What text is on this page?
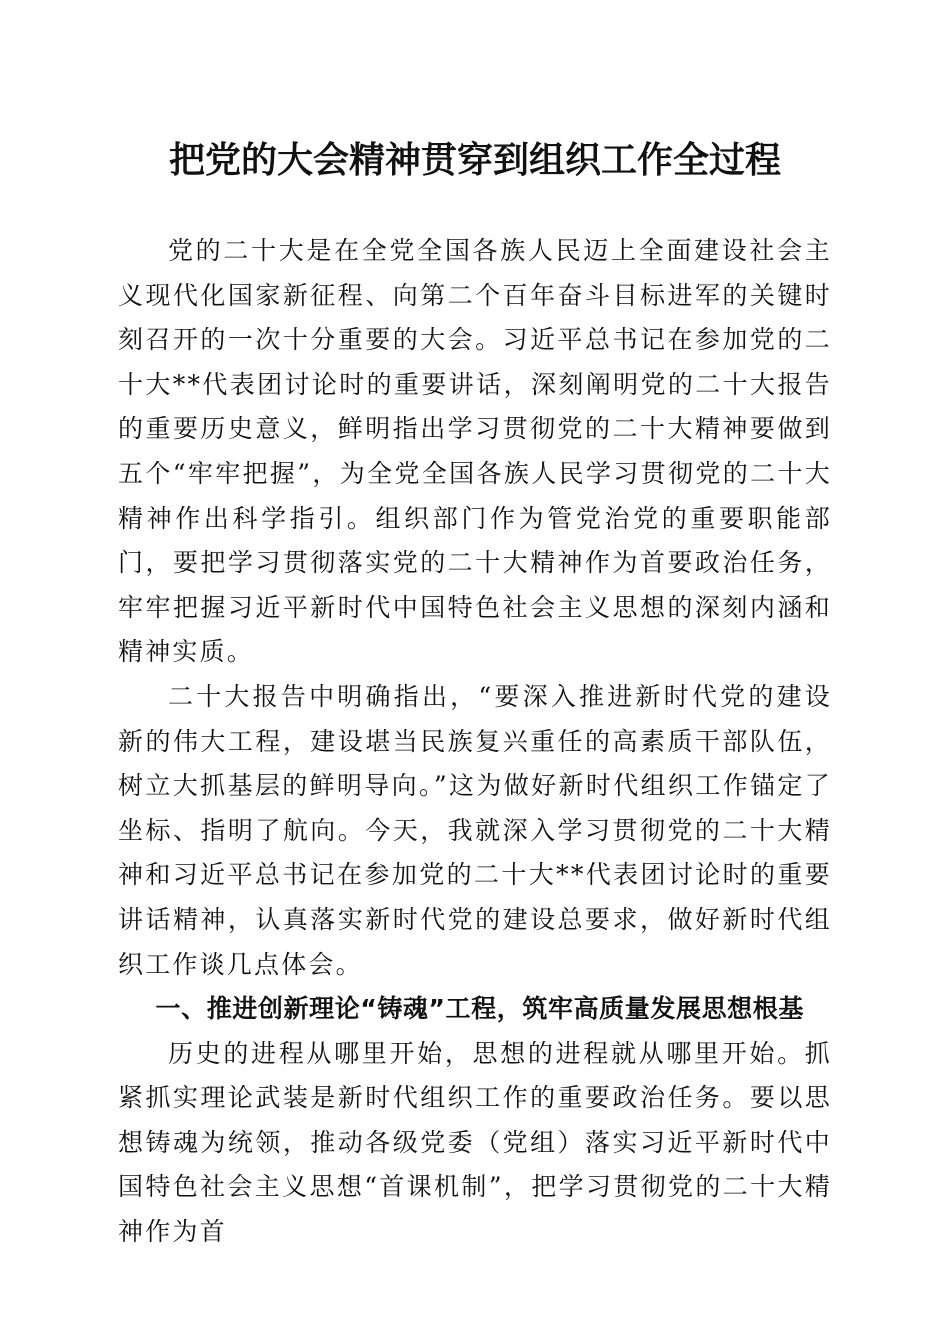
把党的大会精神贯穿到组织工作全过程

党的二十大是在全党全国各族人民迈上全面建设社会主义现代化国家新征程、向第二个百年奋斗目标进军的关键时刻召开的一次十分重要的大会。习近平总书记在参加党的二十大**代表团讨论时的重要讲话，深刻阐明党的二十大报告的重要历史意义，鲜明指出学习贯彻党的二十大精神要做到五个“牢牢把握”，为全党全国各族人民学习贯彻党的二十大精神作出科学指引。组织部门作为管党治党的重要职能部门，要把学习贯彻落实党的二十大精神作为首要政治任务，牢牢把握习近平新时代中国特色社会主义思想的深刻内涵和精神实质。

二十大报告中明确指出，“要深入推进新时代党的建设新的伟大工程，建设堪当民族复兴重任的高素质干部队伍，树立大抓基层的鲜明导向。”这为做好新时代组织工作锚定了坐标、指明了航向。今天，我就深入学习贯彻党的二十大精神和习近平总书记在参加党的二十大**代表团讨论时的重要讲话精神，认真落实新时代党的建设总要求，做好新时代组织工作谈几点体会。

一、推进创新理论“铸魂”工程，筑牢高质量发展思想根基

历史的进程从哪里开始，思想的进程就从哪里开始。抓紧抓实理论武装是新时代组织工作的重要政治任务。要以思想铸魂为统领，推动各级党委（党组）落实习近平新时代中国特色社会主义思想“首课机制”，把学习贯彻党的二十大精神作为首
